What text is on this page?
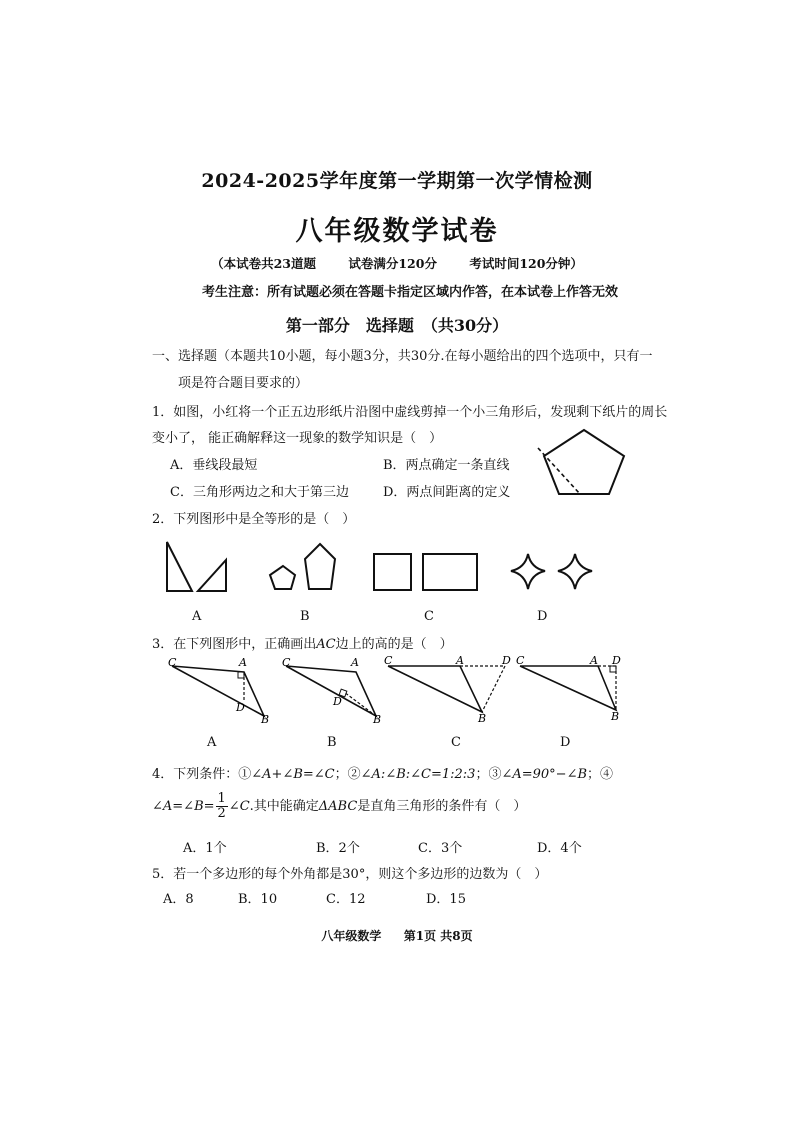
2024-2025学年度第一学期第一次学情检测
八年级数学试卷
（本试卷共23道题	试卷满分120分	考试时间120分钟）
考生注意：所有试题必须在答题卡指定区域内作答，在本试卷上作答无效
第一部分　选择题　（共30分）
一、选择题（本题共10小题，每小题3分，共30分.在每小题给出的四个选项中，只有一
项是符合题目要求的）
1．如图，小红将一个正五边形纸片沿图中虚线剪掉一个小三角形后，发现剩下纸片的周长
变小了， 能正确解释这一现象的数学知识是（　）
A．垂线段最短	B．两点确定一条直线
C．三角形两边之和大于第三边	D．两点间距离的定义
2．下列图形中是全等形的是（　）
A	B	C	D
3．在下列图形中，正确画出AC边上的高的是（　）
C	A
D
B
C	A
D
B
C	A	D
B
C	A D
B
A	B	C	D
4．下列条件：①∠A+∠B=∠C；②∠A:∠B:∠C=1:2:3；③∠A=90°−∠B；④
∠A=∠B= $\frac{1}{2}$ ∠C.其中能确定ΔABC是直角三角形的条件有（　）
A．1个	B．2个	C．3个	D．4个
5．若一个多边形的每个外角都是30°，则这个多边形的边数为（　）
A．8	B．10	C．12	D．15
八年级数学 第1页 共8页
